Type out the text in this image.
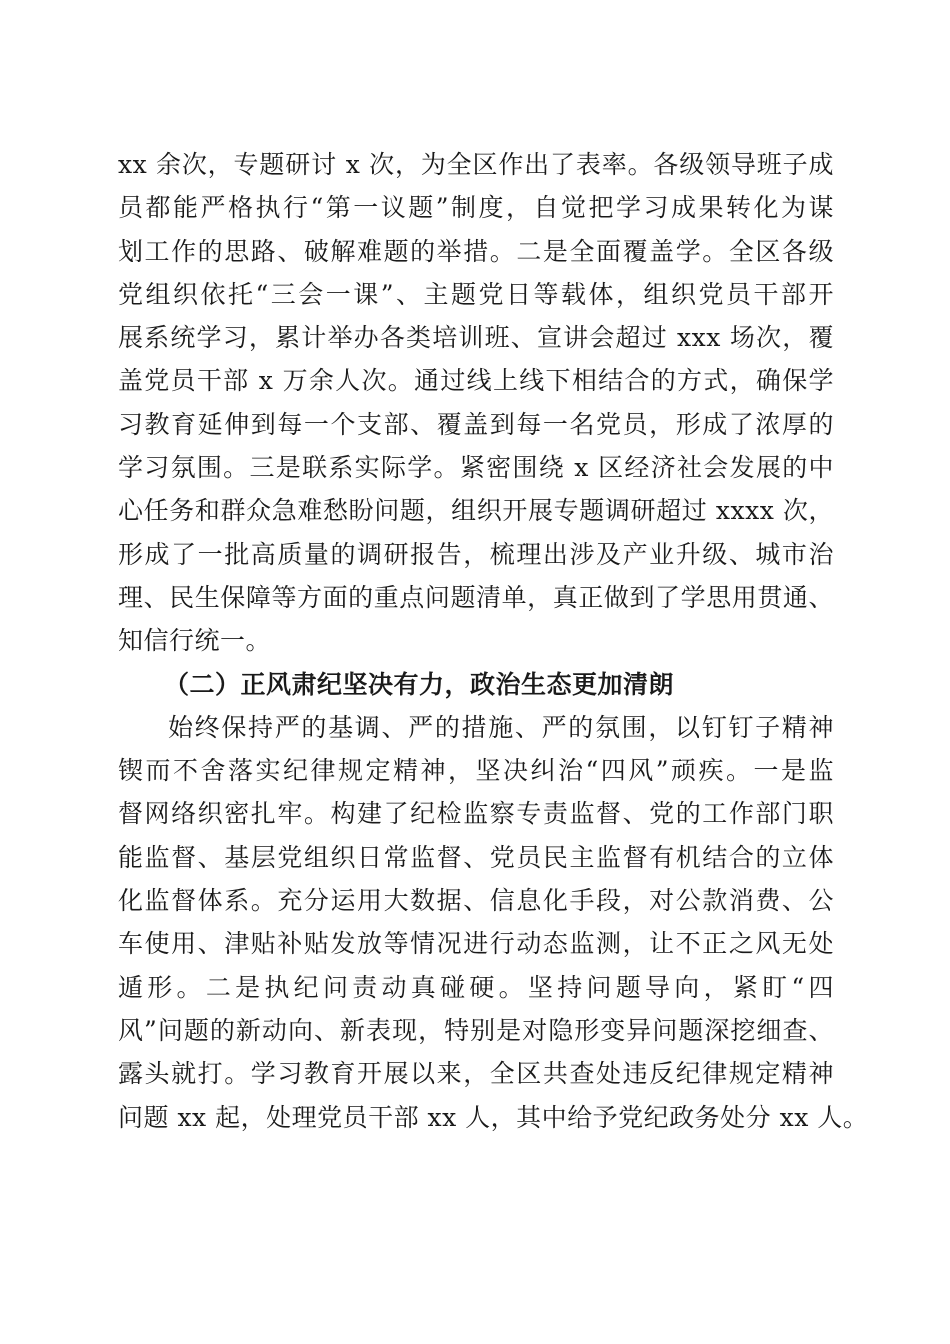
xx 余次，专题研讨 x 次，为全区作出了表率。各级领导班子成
员都能严格执行“第一议题”制度，自觉把学习成果转化为谋
划工作的思路、破解难题的举措。二是全面覆盖学。全区各级
党组织依托“三会一课”、主题党日等载体，组织党员干部开
展系统学习，累计举办各类培训班、宣讲会超过 xxx 场次，覆
盖党员干部 x 万余人次。通过线上线下相结合的方式，确保学
习教育延伸到每一个支部、覆盖到每一名党员，形成了浓厚的
学习氛围。三是联系实际学。紧密围绕 x 区经济社会发展的中
心任务和群众急难愁盼问题，组织开展专题调研超过 xxxx 次，
形成了一批高质量的调研报告，梳理出涉及产业升级、城市治
理、民生保障等方面的重点问题清单，真正做到了学思用贯通、
知信行统一。
（二）正风肃纪坚决有力，政治生态更加清朗
始终保持严的基调、严的措施、严的氛围，以钉钉子精神
锲而不舍落实纪律规定精神，坚决纠治“四风”顽疾。一是监
督网络织密扎牢。构建了纪检监察专责监督、党的工作部门职
能监督、基层党组织日常监督、党员民主监督有机结合的立体
化监督体系。充分运用大数据、信息化手段，对公款消费、公
车使用、津贴补贴发放等情况进行动态监测，让不正之风无处
遁形。二是执纪问责动真碰硬。坚持问题导向，紧盯“四
风”问题的新动向、新表现，特别是对隐形变异问题深挖细查、
露头就打。学习教育开展以来，全区共查处违反纪律规定精神
问题 xx 起，处理党员干部 xx 人，其中给予党纪政务处分 xx 人。
